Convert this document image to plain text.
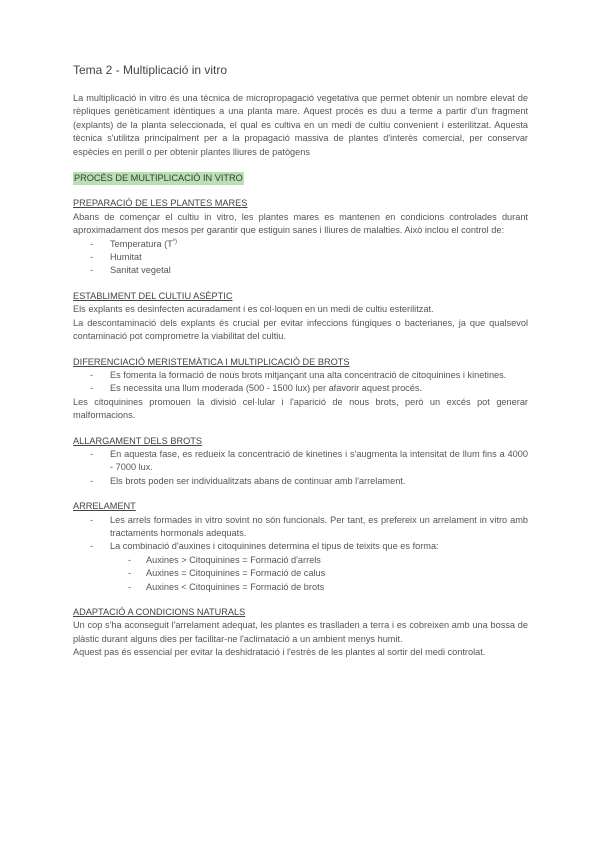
Tema 2 - Multiplicació in vitro

La multiplicació in vitro és una tècnica de micropropagació vegetativa que permet obtenir un nombre elevat de rèpliques genèticament idèntiques a una planta mare. Aquest procés es duu a terme a partir d'un fragment (explants) de la planta seleccionada, el qual es cultiva en un medi de cultiu convenient i esterilitzat. Aquesta tècnica s'utilitza principalment per a la propagació massiva de plantes d'interès comercial, per conservar espècies en perill o per obtenir plantes lliures de patògens

PROCÉS DE MULTIPLICACIÓ IN VITRO
PREPARACIÓ DE LES PLANTES MARES

Abans de començar el cultiu in vitro, les plantes mares es mantenen en condicions controlades durant aproximadament dos mesos per garantir que estiguin sanes i lliures de malalties. Això inclou el control de:

- Temperatura ($T^{º)}$
- Humitat
- Sanitat vegetal
ESTABLIMENT DEL CULTIU ASÈPTIC

Els explants es desinfecten acuradament i es col·loquen en un medi de cultiu esterilitzat.

La descontaminació dels explants és crucial per evitar infeccions fúngiques o bacterianes, ja que qualsevol contaminació pot comprometre la viabilitat del cultiu.

DIFERENCIACIÓ MERISTEMÀTICA I MULTIPLICACIÓ DE BROTS
- Es fomenta la formació de nous brots mitjançant una alta concentració de citoquinines i kinetines.
- Es necessita una llum moderada (500 - 1500 lux) per afavorir aquest procés.

Les citoquinines promouen la divisió cel·lular i l'aparició de nous brots, però un excés pot generar malformacions.

ALLARGAMENT DELS BROTS
- En aquesta fase, es redueix la concentració de kinetines i s'augmenta la intensitat de llum fins a 4000 - 7000 lux.
- Els brots poden ser individualitzats abans de continuar amb l'arrelament.
ARRELAMENT
- Les arrels formades in vitro sovint no són funcionals. Per tant, es prefereix un arrelament in vitro amb tractaments hormonals adequats.
- La combinació d'auxines i citoquinines determina el tipus de teixits que es forma:
- Auxines > Citoquinines = Formació d'arrels
- Auxines = Citoquinines = Formació de calus
- Auxines < Citoquinines = Formació de brots
ADAPTACIÓ A CONDICIONS NATURALS

Un cop s'ha aconseguit l'arrelament adequat, les plantes es traslladen a terra i es cobreixen amb una bossa de plàstic durant alguns dies per facilitar-ne l'aclimatació a un ambient menys humit.

Aquest pas és essencial per evitar la deshidratació i l'estrès de les plantes al sortir del medi controlat.
